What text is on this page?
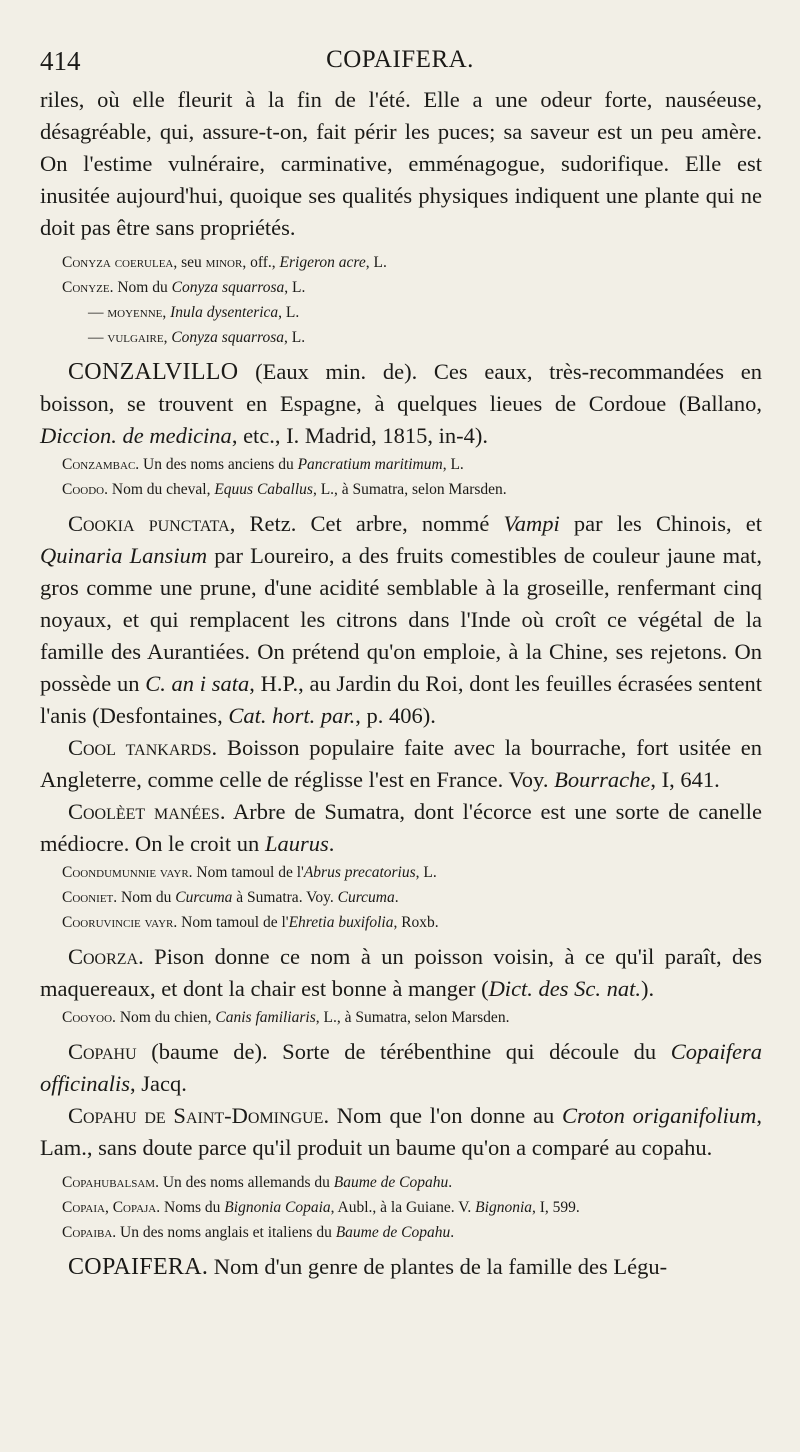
414	COPAIFERA.

riles, où elle fleurit à la fin de l'été. Elle a une odeur forte, nauséeuse, désagréable, qui, assure-t-on, fait périr les puces; sa saveur est un peu amère. On l'estime vulnéraire, carminative, emménagogue, sudorifique. Elle est inusitée aujourd'hui, quoique ses qualités physiques indiquent une plante qui ne doit pas être sans propriétés.

Conyza coerulea, seu minor, off., Erigeron acre, L.

Conyze. Nom du Conyza squarrosa, L.

— moyenne, Inula dysenterica, L.

— vulgaire, Conyza squarrosa, L.

CONZALVILLO (Eaux min. de). Ces eaux, très-recommandées en boisson, se trouvent en Espagne, à quelques lieues de Cordoue (Ballano, Diccion. de medicina, etc., I. Madrid, 1815, in-4).

Conzambac. Un des noms anciens du Pancratium maritimum, L.

Coodo. Nom du cheval, Equus Caballus, L., à Sumatra, selon Marsden.

Cookia punctata, Retz. Cet arbre, nommé Vampi par les Chinois, et Quinaria Lansium par Loureiro, a des fruits comestibles de couleur jaune mat, gros comme une prune, d'une acidité semblable à la groseille, renfermant cinq noyaux, et qui remplacent les citrons dans l'Inde où croît ce végétal de la famille des Aurantiées. On prétend qu'on emploie, à la Chine, ses rejetons. On possède un C. an i sata, H.P., au Jardin du Roi, dont les feuilles écrasées sentent l'anis (Desfontaines, Cat. hort. par., p. 406).

Cool tankards. Boisson populaire faite avec la bourrache, fort usitée en Angleterre, comme celle de réglisse l'est en France. Voy. Bourrache, I, 641.

Coolèet manées. Arbre de Sumatra, dont l'écorce est une sorte de canelle médiocre. On le croit un Laurus.

Coondumunnie vayr. Nom tamoul de l'Abrus precatorius, L.

Cooniet. Nom du Curcuma à Sumatra. Voy. Curcuma.

Cooruvincie vayr. Nom tamoul de l'Ehretia buxifolia, Roxb.

Coorza. Pison donne ce nom à un poisson voisin, à ce qu'il paraît, des maquereaux, et dont la chair est bonne à manger (Dict. des Sc. nat.).

Cooyoo. Nom du chien, Canis familiaris, L., à Sumatra, selon Marsden.

Copahu (baume de). Sorte de térébenthine qui découle du Copaifera officinalis, Jacq.

Copahu de Saint-Domingue. Nom que l'on donne au Croton origanifolium, Lam., sans doute parce qu'il produit un baume qu'on a comparé au copahu.

Copahubalsam. Un des noms allemands du Baume de Copahu.

Copaia, Copaja. Noms du Bignonia Copaia, Aubl., à la Guiane. V. Bignonia, I, 599.

Copaiba. Un des noms anglais et italiens du Baume de Copahu.

COPAIFERA. Nom d'un genre de plantes de la famille des Légu-
